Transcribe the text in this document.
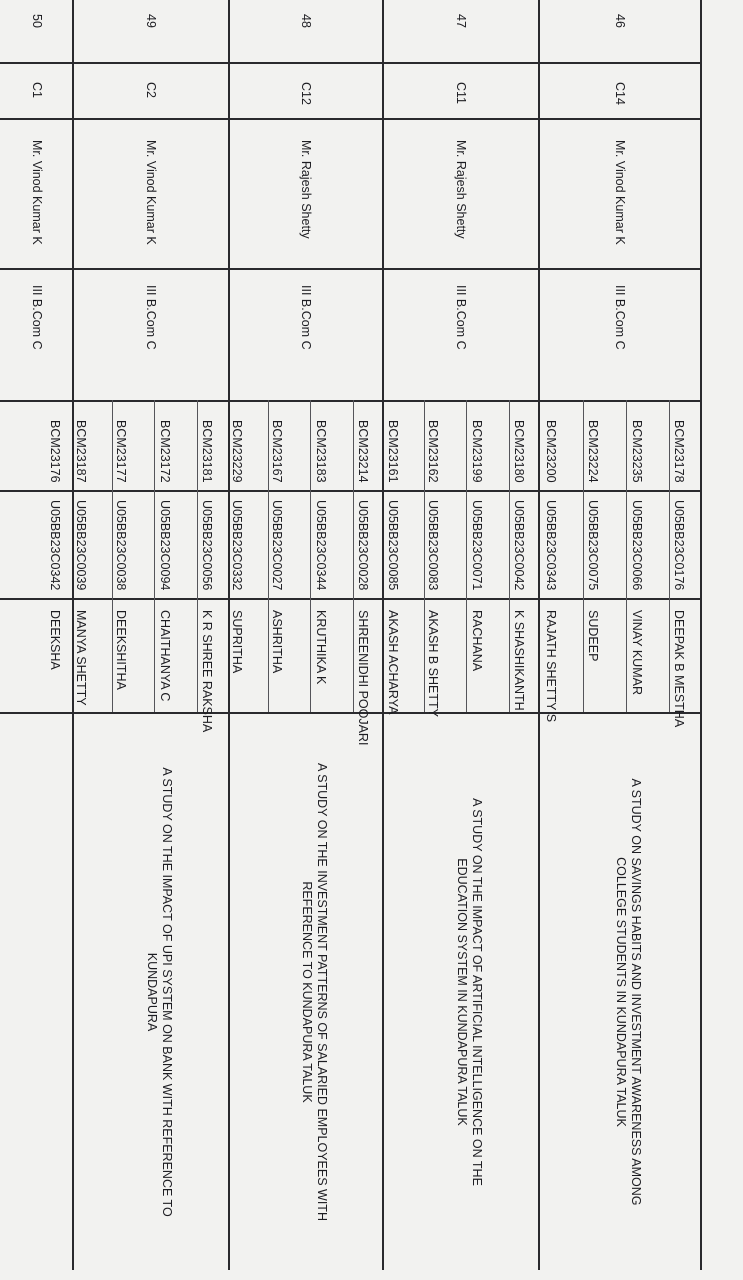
46
C14
Mr. Vinod Kumar K
III B.Com C
BCM23178
U05BB23C0176
DEEPAK B MESTHA
BCM23235
U05BB23C0066
VINAY KUMAR
BCM23224
U05BB23C0075
SUDEEP
BCM23200
U05BB23C0343
RAJATH SHETTY S
A STUDY ON SAVINGS HABITS AND INVESTMENT AWARENESS AMONG
COLLEGE STUDENTS IN KUNDAPURA TALUK
47
C11
Mr. Rajesh Shetty
III B.Com C
BCM23180
U05BB23C0042
K SHASHIKANTH
BCM23199
U05BB23C0071
RACHANA
BCM23162
U05BB23C0083
AKASH B SHETTY
BCM23161
U05BB23C0085
AKASH ACHARYA
A STUDY ON THE IMPACT OF ARTIFICIAL INTELLIGENCE ON THE
EDUCATION SYSTEM IN KUNDAPURA TALUK
48
C12
Mr. Rajesh Shetty
III B.Com C
BCM23214
U05BB23C0028
SHREENIDHI POOJARI
BCM23183
U05BB23C0344
KRUTHIKA K
BCM23167
U05BB23C0027
ASHRITHA
BCM23229
U05BB23C0332
SUPRITHA
A STUDY ON THE INVESTMENT PATTERNS OF SALARIED EMPLOYEES WITH
REFERENCE TO KUNDAPURA TALUK
49
C2
Mr. Vinod Kumar K
III B.Com C
BCM23181
U05BB23C0056
K R SHREE RAKSHA
BCM23172
U05BB23C0094
CHAITHANYA C
BCM23177
U05BB23C0038
DEEKSHITHA
BCM23187
U05BB23C0039
MANYA SHETTY
A STUDY ON THE IMPACT OF UPI SYSTEM ON BANK WITH REFERENCE TO
KUNDAPURA
50
C1
Mr. Vinod Kumar K
III B.Com C
BCM23176
U05BB23C0342
DEEKSHA
